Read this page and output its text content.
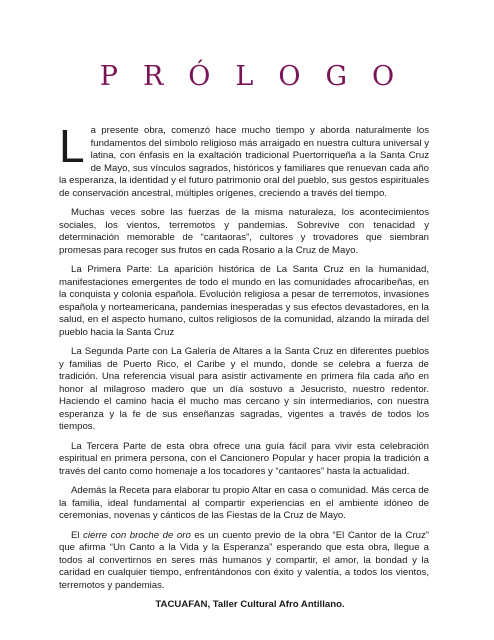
PRÓLOGO

La presente obra, comenzó hace mucho tiempo y aborda naturalmente los fundamentos del símbolo religioso más arraigado en nuestra cultura universal y latina, con énfasis en la exaltación tradicional Puertorriqueña a la Santa Cruz de Mayo, sus vínculos sagrados, históricos y familiares que renuevan cada año la esperanza, la identidad y el futuro patrimonio oral del pueblo, sus gestos espirituales de conservación ancestral, múltiples orígenes, creciendo a través del tiempo.

Muchas veces sobre las fuerzas de la misma naturaleza, los acontecimientos sociales, los vientos, terremotos y pandemias. Sobrevive con tenacidad y determinación memorable de “cantaoras”, cultores y trovadores que siembran promesas para recoger sus frutos en cada Rosario a la Cruz de Mayo.

La Primera Parte: La aparición histórica de La Santa Cruz en la humanidad, manifestaciones emergentes de todo el mundo en las comunidades afrocaribeñas, en la conquista y colonia española. Evolución religiosa a pesar de terremotos, invasiones española y norteamericana, pandemias inesperadas y sus efectos devastadores, en la salud, en el aspecto humano, cultos religiosos de la comunidad, alzando la mirada del pueblo hacia la Santa Cruz

La Segunda Parte con La Galería de Altares a la Santa Cruz en diferentes pueblos y familias de Puerto Rico, el Caribe y el mundo, donde se celebra a fuerza de tradición. Una referencia visual para asistir activamente en primera fila cada año en honor al milagroso madero que un día sostuvo a Jesucristo, nuestro redentor. Haciendo el camino hacia él mucho mas cercano y sin intermediarios, con nuestra esperanza y la fe de sus enseñanzas sagradas, vigentes a través de todos los tiempos.

La Tercera Parte de esta obra ofrece una guía fácil para vivir esta celebración espiritual en primera persona, con el Cancionero Popular y hacer propia la tradición a través del canto como homenaje a los tocadores y “cantaores” hasta la actualidad.

Además la Receta para elaborar tu propio Altar en casa o comunidad. Más cerca de la familia, ideal fundamental al compartir experiencias en el ambiente idóneo de ceremonias, novenas y cánticos de las Fiestas de la Cruz de Mayo.

El cierre con broche de oro es un cuento previo de la obra “El Cantor de la Cruz” que afirma “Un Canto a la Vida y la Esperanza” esperando que esta obra, llegue a todos al convertirnos en seres más humanos y compartir, el amor, la bondad y la caridad en cualquier tiempo, enfrentándonos con éxito y valentía, a todos los vientos, terremotos y pandemias.

TACUAFAN, Taller Cultural Afro Antillano.
